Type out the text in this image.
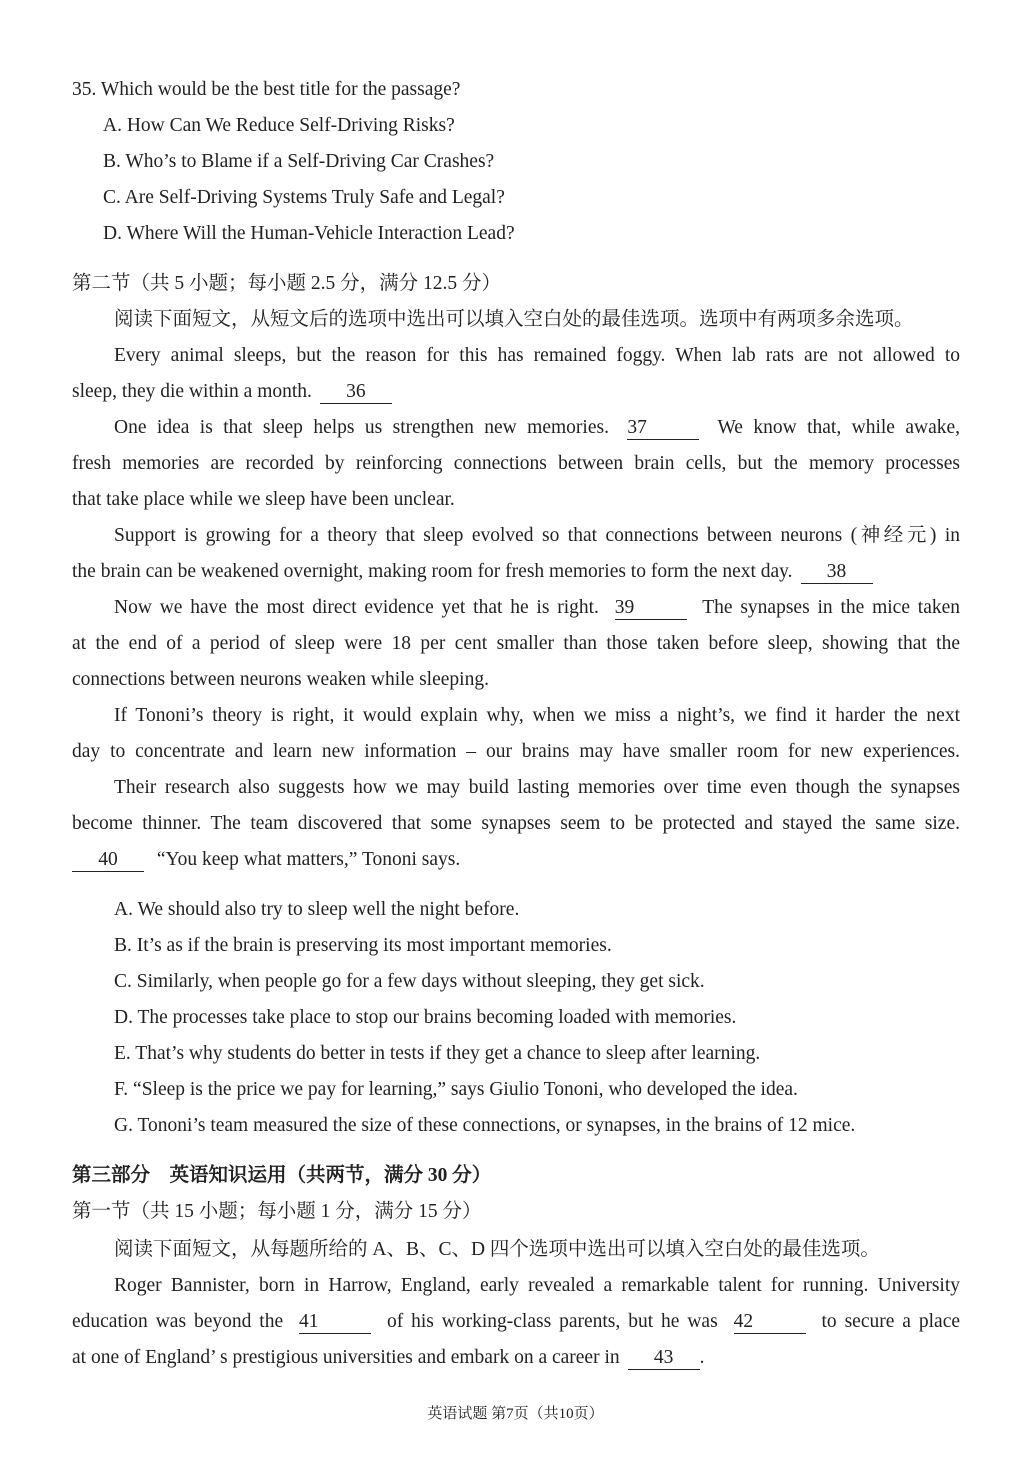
35. Which would be the best title for the passage?
A. How Can We Reduce Self-Driving Risks?
B. Who’s to Blame if a Self-Driving Car Crashes?
C. Are Self-Driving Systems Truly Safe and Legal?
D. Where Will the Human-Vehicle Interaction Lead?
第二节（共 5 小题；每小题 2.5 分，满分 12.5 分）
阅读下面短文，从短文后的选项中选出可以填入空白处的最佳选项。选项中有两项多余选项。
Every animal sleeps, but the reason for this has remained foggy. When lab rats are not allowed to
sleep, they die within a month. 36
One idea is that sleep helps us strengthen new memories. 37	We know that, while awake,
fresh memories are recorded by reinforcing connections between brain cells, but the memory processes
that take place while we sleep have been unclear.
Support is growing for a theory that sleep evolved so that connections between neurons (神经元) in
the brain can be weakened overnight, making room for fresh memories to form the next day. 38
Now we have the most direct evidence yet that he is right. 39	The synapses in the mice taken
at the end of a period of sleep were 18 per cent smaller than those taken before sleep, showing that the
connections between neurons weaken while sleeping.
If Tononi’s theory is right, it would explain why, when we miss a night’s, we find it harder the next
day to concentrate and learn new information – our brains may have smaller room for new experiences.
Their research also suggests how we may build lasting memories over time even though the synapses
become thinner. The team discovered that some synapses seem to be protected and stayed the same size.
40 “You keep what matters,” Tononi says.
A. We should also try to sleep well the night before.
B. It’s as if the brain is preserving its most important memories.
C. Similarly, when people go for a few days without sleeping, they get sick.
D. The processes take place to stop our brains becoming loaded with memories.
E. That’s why students do better in tests if they get a chance to sleep after learning.
F. “Sleep is the price we pay for learning,” says Giulio Tononi, who developed the idea.
G. Tononi’s team measured the size of these connections, or synapses, in the brains of 12 mice.
第三部分　英语知识运用（共两节，满分 30 分）
第一节（共 15 小题；每小题 1 分，满分 15 分）
阅读下面短文，从每题所给的 A、B、C、D 四个选项中选出可以填入空白处的最佳选项。
Roger Bannister, born in Harrow, England, early revealed a remarkable talent for running. University
education was beyond the 41	of his working-class parents, but he was 42	to secure a place
at one of England’ s prestigious universities and embark on a career in 43 .
英语试题 第7页（共10页）
